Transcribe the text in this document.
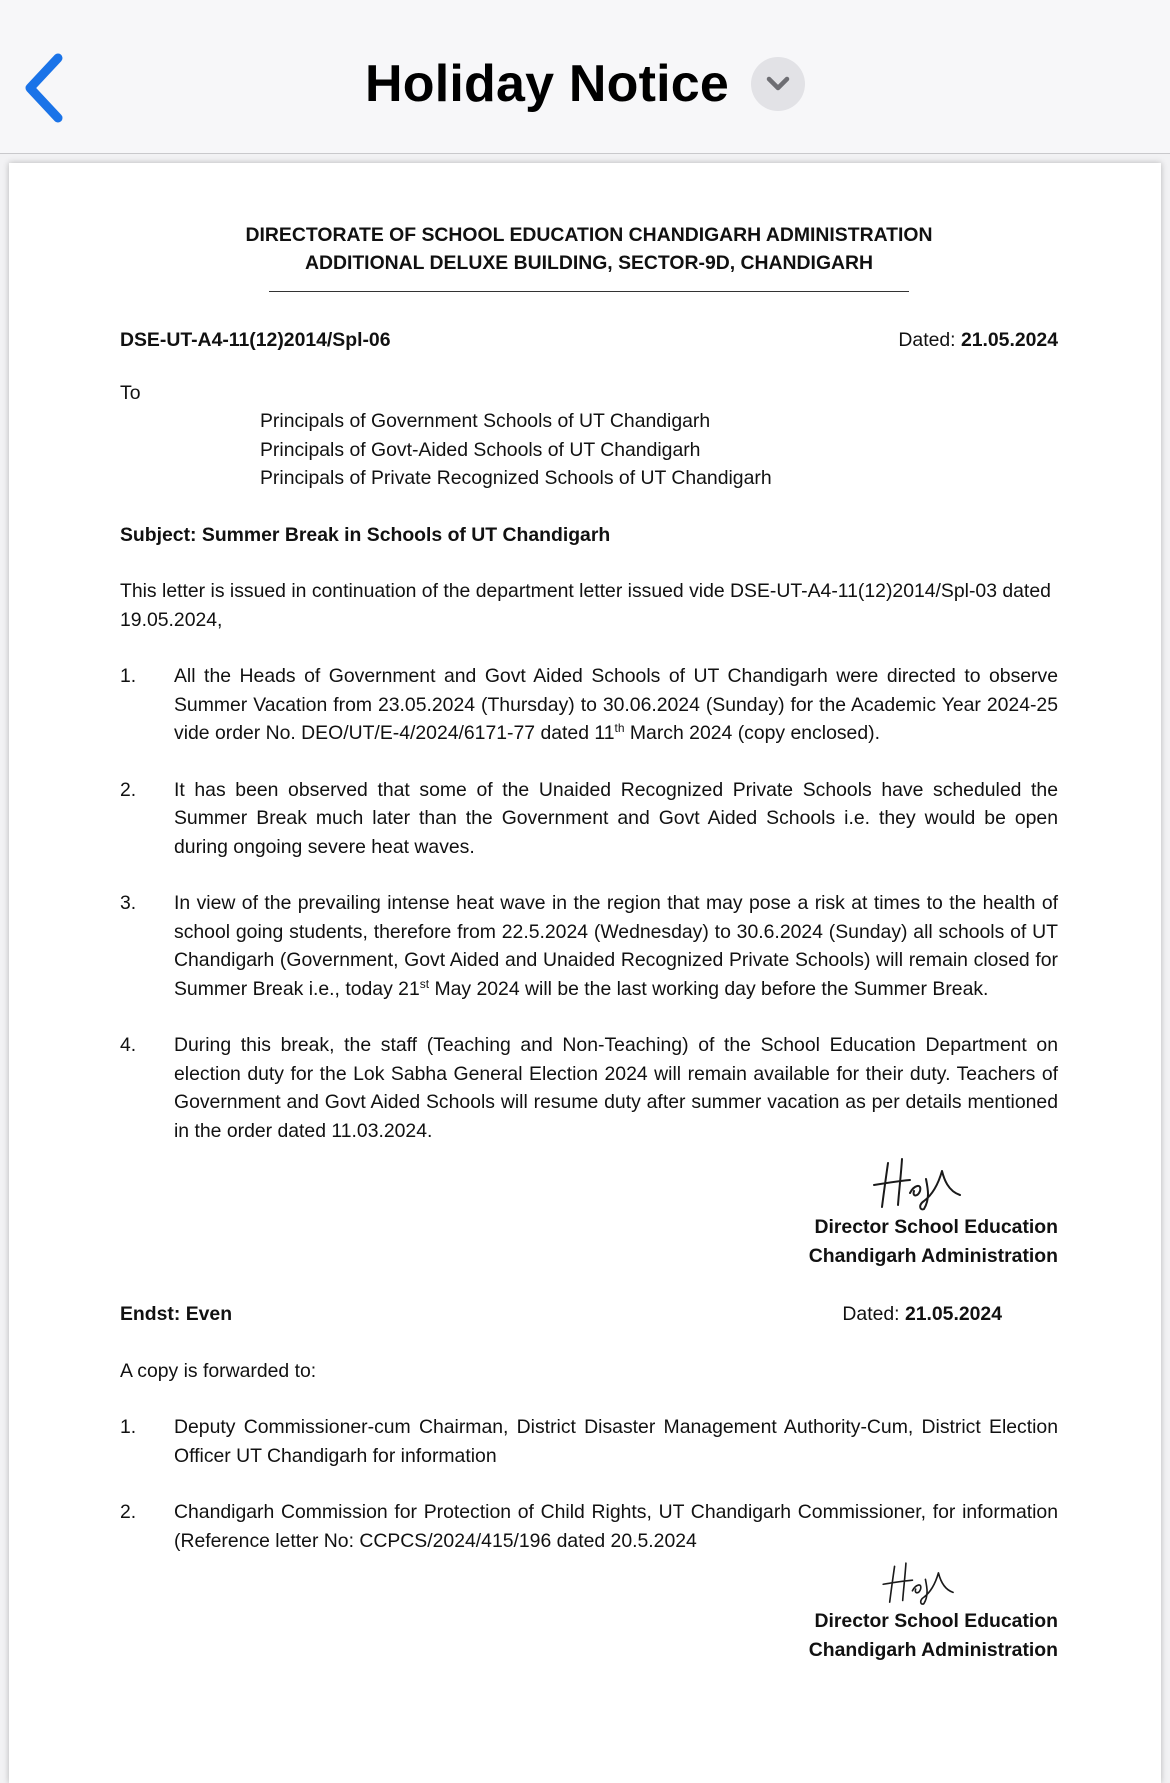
Holiday Notice
DIRECTORATE OF SCHOOL EDUCATION CHANDIGARH ADMINISTRATION
ADDITIONAL DELUXE BUILDING, SECTOR-9D, CHANDIGARH
DSE-UT-A4-11(12)2014/Spl-06	Dated: 21.05.2024
To
Principals of Government Schools of UT Chandigarh
Principals of Govt-Aided Schools of UT Chandigarh
Principals of Private Recognized Schools of UT Chandigarh
Subject: Summer Break in Schools of UT Chandigarh
This letter is issued in continuation of the department letter issued vide DSE-UT-A4-11(12)2014/Spl-03 dated 19.05.2024,
1.	All the Heads of Government and Govt Aided Schools of UT Chandigarh were directed to observe Summer Vacation from 23.05.2024 (Thursday) to 30.06.2024 (Sunday) for the Academic Year 2024-25 vide order No. DEO/UT/E-4/2024/6171-77 dated 11th March 2024 (copy enclosed).
2.	It has been observed that some of the Unaided Recognized Private Schools have scheduled the Summer Break much later than the Government and Govt Aided Schools i.e. they would be open during ongoing severe heat waves.
3.	In view of the prevailing intense heat wave in the region that may pose a risk at times to the health of school going students, therefore from 22.5.2024 (Wednesday) to 30.6.2024 (Sunday) all schools of UT Chandigarh (Government, Govt Aided and Unaided Recognized Private Schools) will remain closed for Summer Break i.e., today 21st May 2024 will be the last working day before the Summer Break.
4.	During this break, the staff (Teaching and Non-Teaching) of the School Education Department on election duty for the Lok Sabha General Election 2024 will remain available for their duty. Teachers of Government and Govt Aided Schools will resume duty after summer vacation as per details mentioned in the order dated 11.03.2024.
Director School Education
Chandigarh Administration
Endst: Even	Dated: 21.05.2024
A copy is forwarded to:
1.	Deputy Commissioner-cum Chairman, District Disaster Management Authority-Cum, District Election Officer UT Chandigarh for information
2.	Chandigarh Commission for Protection of Child Rights, UT Chandigarh Commissioner, for information (Reference letter No: CCPCS/2024/415/196 dated 20.5.2024
Director School Education
Chandigarh Administration
